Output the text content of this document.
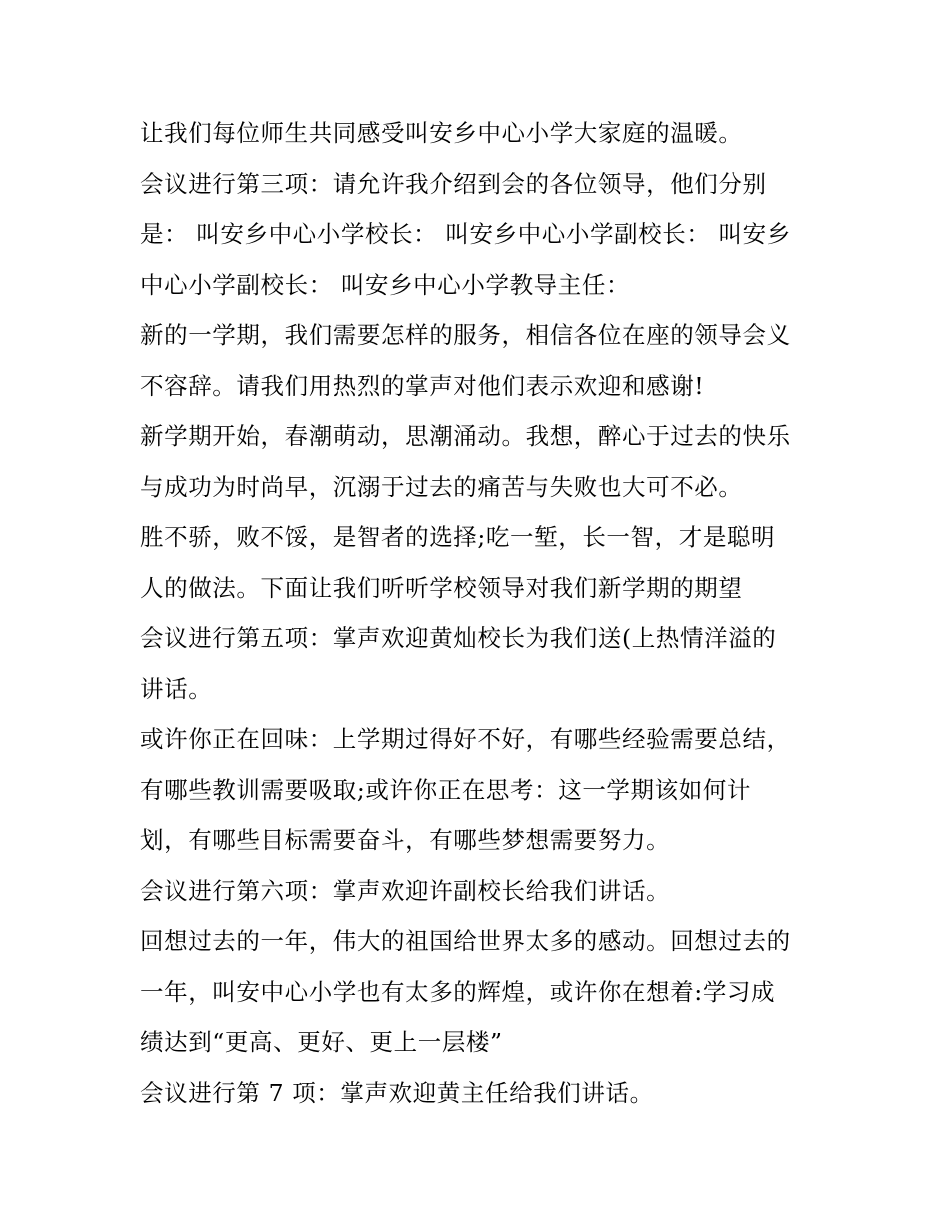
让我们每位师生共同感受叫安乡中心小学大家庭的温暖。
会议进行第三项：请允许我介绍到会的各位领导，他们分别
是： 叫安乡中心小学校长： 叫安乡中心小学副校长： 叫安乡
中心小学副校长： 叫安乡中心小学教导主任：
新的一学期，我们需要怎样的服务，相信各位在座的领导会义
不容辞。请我们用热烈的掌声对他们表示欢迎和感谢!
新学期开始，春潮萌动，思潮涌动。我想，醉心于过去的快乐
与成功为时尚早，沉溺于过去的痛苦与失败也大可不必。
胜不骄，败不馁，是智者的选择;吃一堑，长一智，才是聪明
人的做法。下面让我们听听学校领导对我们新学期的期望
会议进行第五项：掌声欢迎黄灿校长为我们送(上热情洋溢的
讲话。
或许你正在回味：上学期过得好不好，有哪些经验需要总结，
有哪些教训需要吸取;或许你正在思考：这一学期该如何计
划，有哪些目标需要奋斗，有哪些梦想需要努力。
会议进行第六项：掌声欢迎许副校长给我们讲话。
回想过去的一年，伟大的祖国给世界太多的感动。回想过去的
一年，叫安中心小学也有太多的辉煌，或许你在想着:学习成
绩达到“更高、更好、更上一层楼”
会议进行第 7 项：掌声欢迎黄主任给我们讲话。
